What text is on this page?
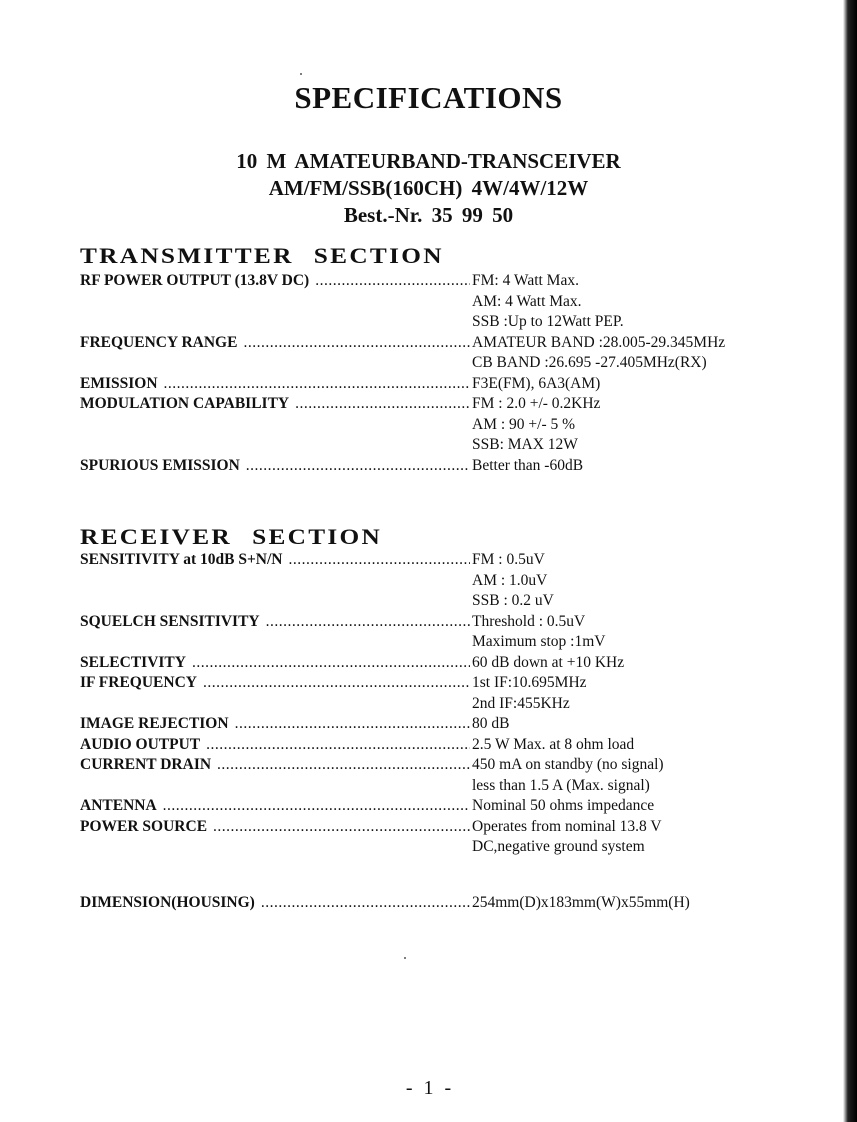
SPECIFICATIONS
10 M AMATEURBAND-TRANSCEIVER
AM/FM/SSB(160CH) 4W/4W/12W
Best.-Nr. 35 99 50
TRANSMITTER SECTION
RF POWER OUTPUT (13.8V DC) .....	FM: 4 Watt Max.
AM: 4 Watt Max.
SSB :Up to 12Watt PEP.
FREQUENCY RANGE .....	AMATEUR BAND :28.005-29.345MHz
CB BAND :26.695 -27.405MHz(RX)
EMISSION .....	F3E(FM), 6A3(AM)
MODULATION CAPABILITY .....	FM : 2.0 +/- 0.2KHz
AM : 90 +/- 5 %
SSB: MAX 12W
SPURIOUS EMISSION .....	Better than -60dB
RECEIVER SECTION
SENSITIVITY at 10dB S+N/N .....	FM : 0.5uV
AM : 1.0uV
SSB : 0.2 uV
SQUELCH SENSITIVITY .....	Threshold : 0.5uV
Maximum stop :1mV
SELECTIVITY .....	60 dB down at +10 KHz
IF FREQUENCY .....	1st IF:10.695MHz
2nd IF:455KHz
IMAGE REJECTION .....	80 dB
AUDIO OUTPUT .....	2.5 W Max. at 8 ohm load
CURRENT DRAIN .....	450 mA on standby (no signal)
less than 1.5 A (Max. signal)
ANTENNA .....	Nominal 50 ohms impedance
POWER SOURCE .....	Operates from nominal 13.8 V
DC,negative ground system
DIMENSION(HOUSING) .....	254mm(D)x183mm(W)x55mm(H)
- 1 -
